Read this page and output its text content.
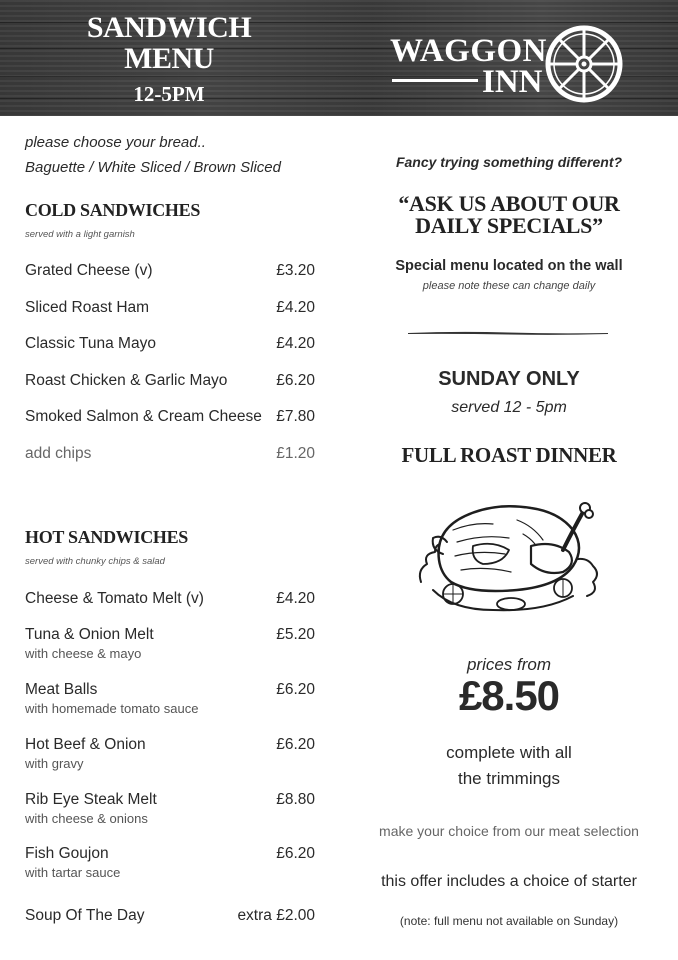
SANDWICH
MENU
12-5PM
WAGGON
INN
please choose your bread..
Baguette / White Sliced / Brown Sliced
COLD SANDWICHES
served with a light garnish
Grated Cheese (v)	£3.20
Sliced Roast Ham	£4.20
Classic Tuna Mayo	£4.20
Roast Chicken & Garlic Mayo	£6.20
Smoked Salmon & Cream Cheese £7.80
add chips	£1.20
HOT SANDWICHES
served with chunky chips & salad
Cheese & Tomato Melt (v)	£4.20
Tuna & Onion Melt	£5.20
with cheese & mayo
Meat Balls	£6.20
with homemade tomato sauce
Hot Beef & Onion	£6.20
with gravy
Rib Eye Steak Melt	£8.80
with cheese & onions
Fish Goujon	£6.20
with tartar sauce
Soup Of The Day	extra £2.00
Fancy trying something different?
“ASK US ABOUT OUR
DAILY SPECIALS”
Special menu located on the wall
please note these can change daily
SUNDAY ONLY
served 12 - 5pm
FULL ROAST DINNER
prices from
£8.50
complete with all
the trimmings
make your choice from our meat selection
this offer includes a choice of starter
(note: full menu not available on Sunday)
